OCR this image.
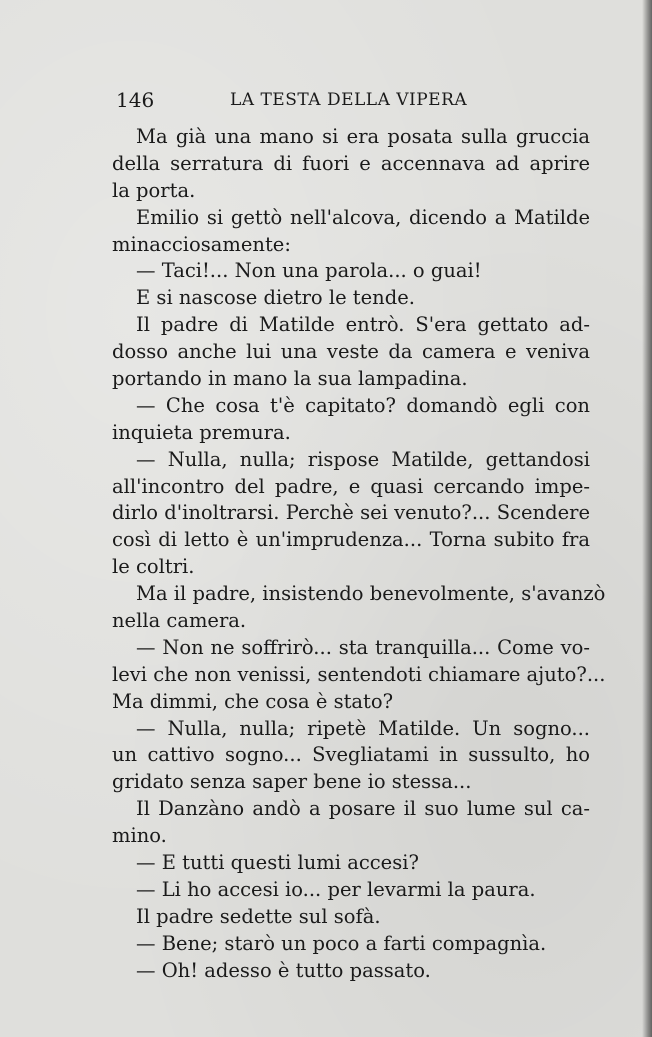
146	LA TESTA DELLA VIPERA
Ma già una mano si era posata sulla gruccia
della serratura di fuori e accennava ad aprire
la porta.
Emilio si gettò nell'alcova, dicendo a Matilde
minacciosamente:
— Taci!... Non una parola... o guai!
E si nascose dietro le tende.
Il padre di Matilde entrò. S'era gettato ad-
dosso anche lui una veste da camera e veniva
portando in mano la sua lampadina.
— Che cosa t'è capitato? domandò egli con
inquieta premura.
— Nulla, nulla; rispose Matilde, gettandosi
all'incontro del padre, e quasi cercando impe-
dirlo d'inoltrarsi. Perchè sei venuto?... Scendere
così di letto è un'imprudenza... Torna subito fra
le coltri.
Ma il padre, insistendo benevolmente, s'avanzò
nella camera.
— Non ne soffrirò... sta tranquilla... Come vo-
levi che non venissi, sentendoti chiamare ajuto?...
Ma dimmi, che cosa è stato?
— Nulla, nulla; ripetè Matilde. Un sogno...
un cattivo sogno... Svegliatami in sussulto, ho
gridato senza saper bene io stessa...
Il Danzàno andò a posare il suo lume sul ca-
mino.
— E tutti questi lumi accesi?
— Li ho accesi io... per levarmi la paura.
Il padre sedette sul sofà.
— Bene; starò un poco a farti compagnìa.
— Oh! adesso è tutto passato.
